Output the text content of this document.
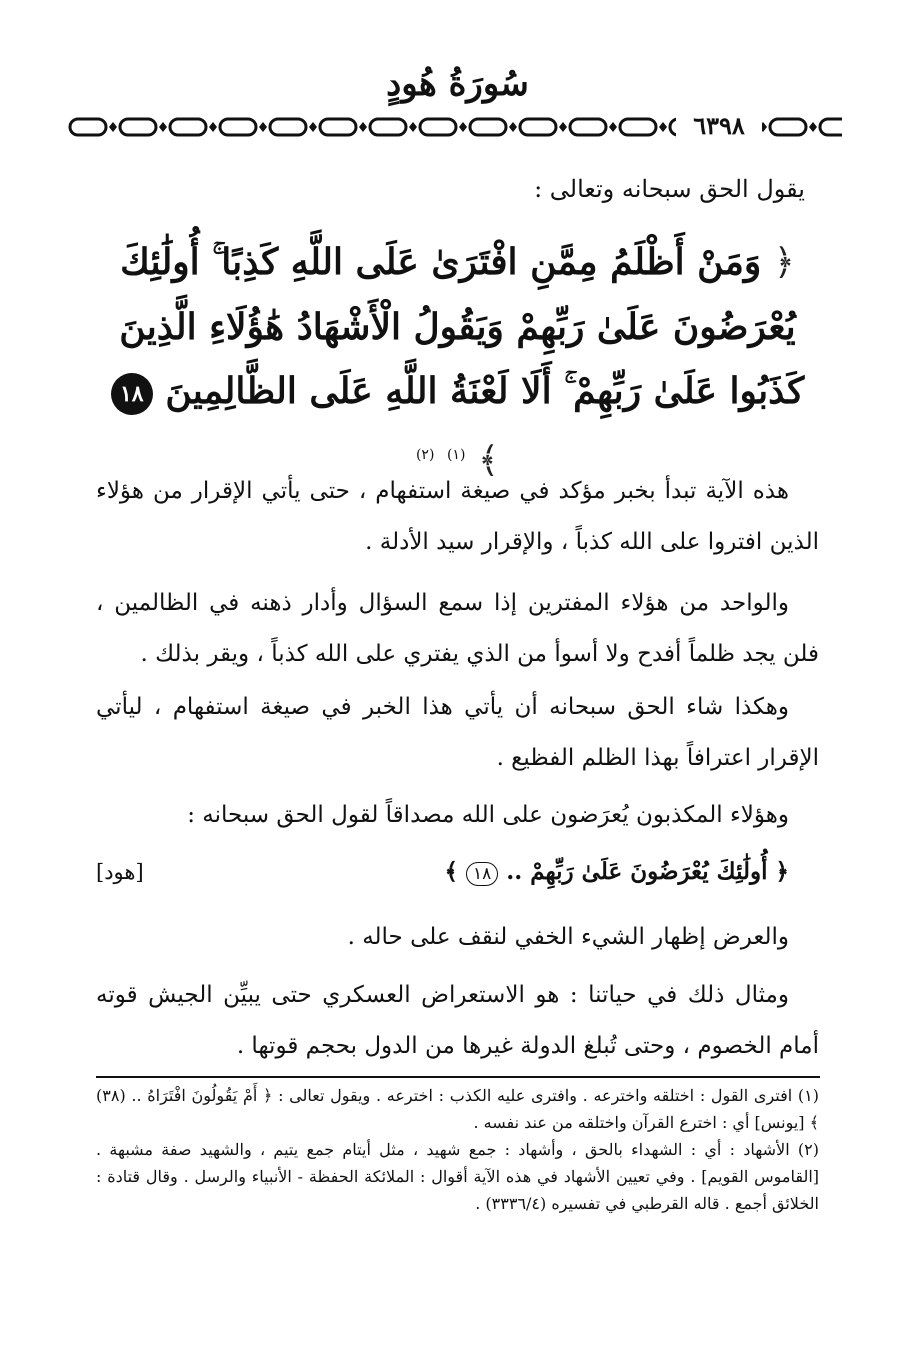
سُورَةُ هُودٍ
٦٣٩٨
يقول الحق سبحانه وتعالى :
﴿ وَمَنْ أَظْلَمُ مِمَّنِ افْتَرَىٰ عَلَى اللَّهِ كَذِبًا ۚ أُولَٰئِكَ يُعْرَضُونَ عَلَىٰ رَبِّهِمْ وَيَقُولُ الْأَشْهَادُ هَٰؤُلَاءِ الَّذِينَ كَذَبُوا عَلَىٰ رَبِّهِمْ ۚ أَلَا لَعْنَةُ اللَّهِ عَلَى الظَّالِمِينَ ١٨ ﴾ $^{(١)}$ $^{(٢)}$

هذه الآية تبدأ بخبر مؤكد في صيغة استفهام ، حتى يأتي الإقرار من هؤلاء الذين افتروا على الله كذباً ، والإقرار سيد الأدلة .

والواحد من هؤلاء المفترين إذا سمع السؤال وأدار ذهنه في الظالمين ، فلن يجد ظلماً أفدح ولا أسوأ من الذي يفتري على الله كذباً ، ويقر بذلك .

وهكذا شاء الحق سبحانه أن يأتي هذا الخبر في صيغة استفهام ، ليأتي الإقرار اعترافاً بهذا الظلم الفظيع .

وهؤلاء المكذبون يُعرَضون على الله مصداقاً لقول الحق سبحانه :

﴿ أُولَٰئِكَ يُعْرَضُونَ عَلَىٰ رَبِّهِمْ .. ١٨ ﴾
[هود]

والعرض إظهار الشيء الخفي لنقف على حاله .

ومثال ذلك في حياتنا : هو الاستعراض العسكري حتى يبيِّن الجيش قوته أمام الخصوم ، وحتى تُبلغ الدولة غيرها من الدول بحجم قوتها .

(١) افترى القول : اختلقه واخترعه . وافترى عليه الكذب : اخترعه . ويقول تعالى : ﴿ أَمْ يَقُولُونَ افْتَرَاهُ .. (٣٨) ﴾ [يونس] أي : اخترع القرآن واختلقه من عند نفسه .

(٢) الأشهاد : أي : الشهداء بالحق ، وأشهاد : جمع شهيد ، مثل أيتام جمع يتيم ، والشهيد صفة مشبهة . [القاموس القويم] . وفي تعيين الأشهاد في هذه الآية أقوال : الملائكة الحفظة - الأنبياء والرسل . وقال قتادة : الخلائق أجمع . قاله القرطبي في تفسيره (٣٣٣٦/٤) .
